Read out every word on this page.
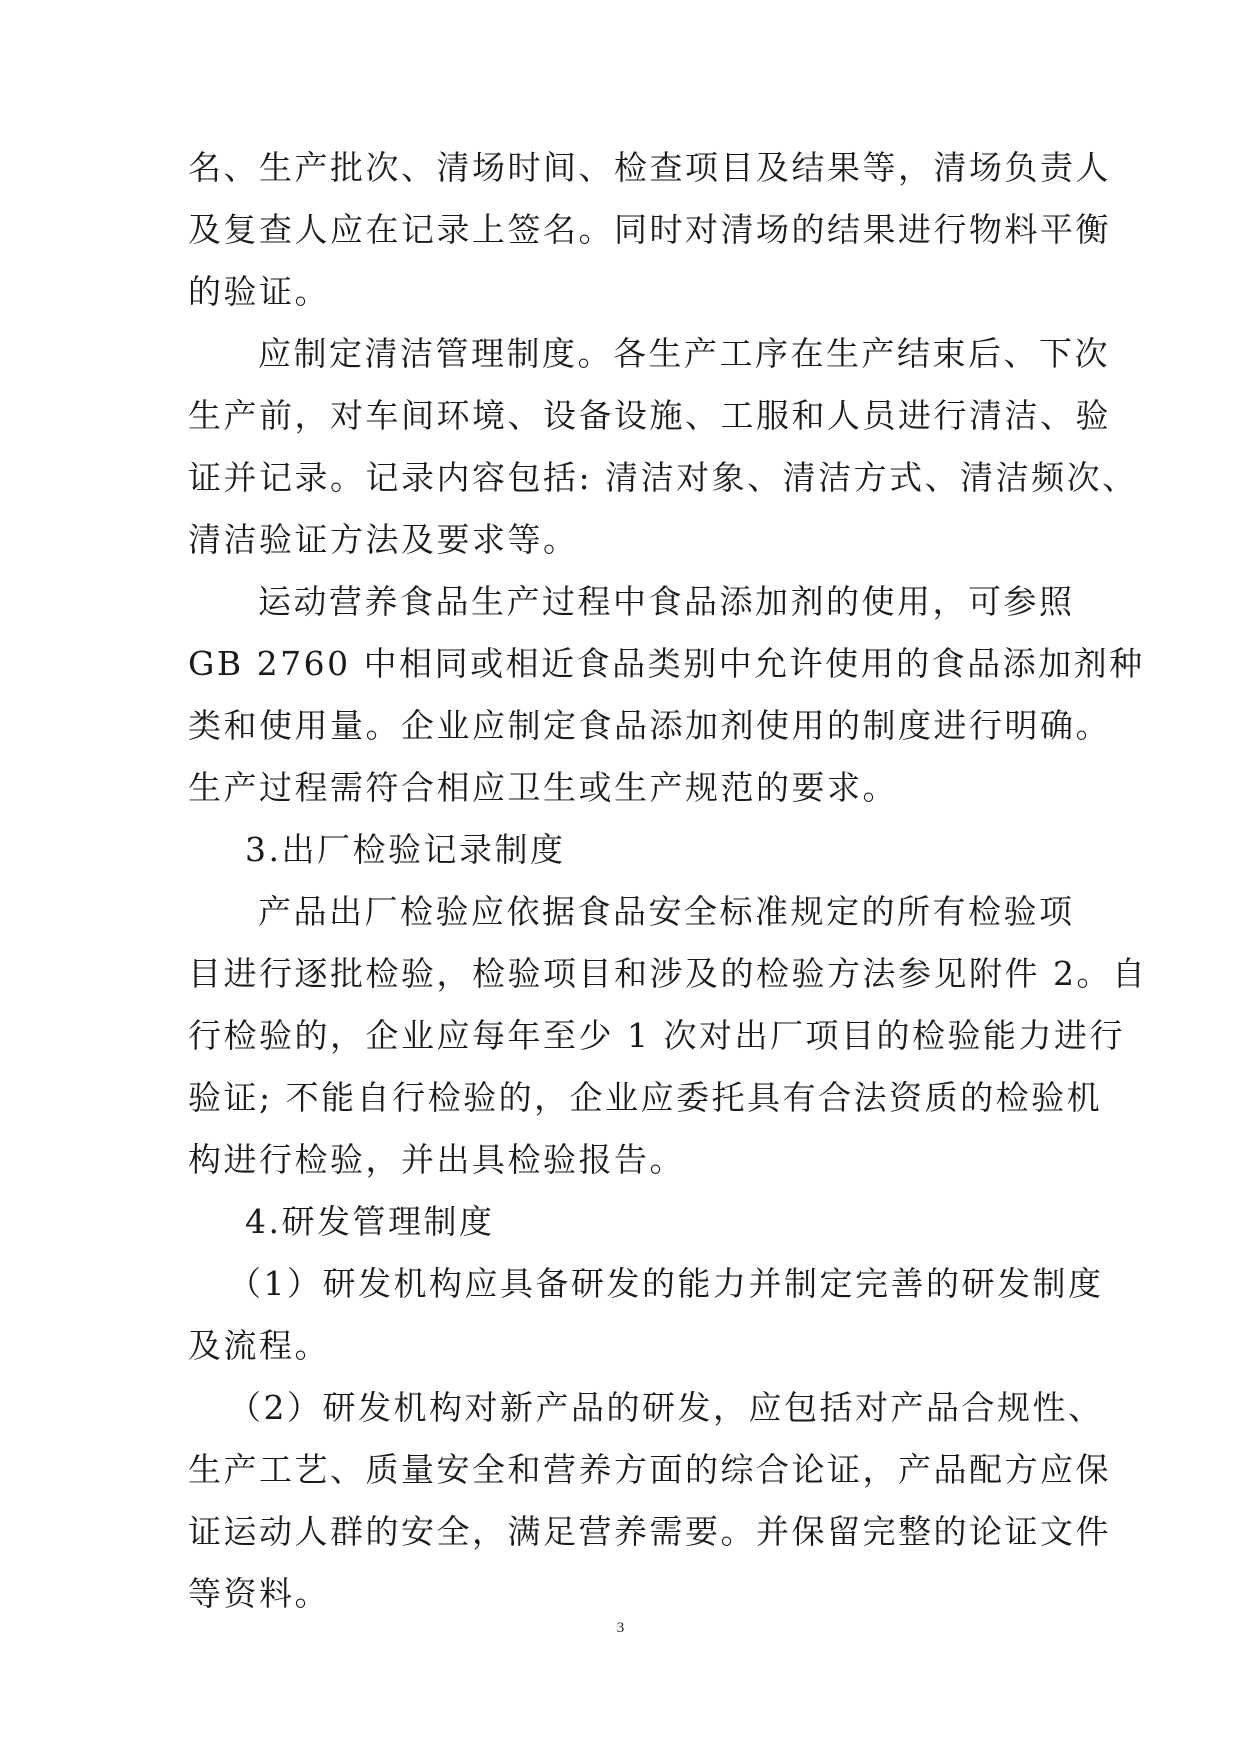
名、生产批次、清场时间、检查项目及结果等，清场负责人
及复查人应在记录上签名。同时对清场的结果进行物料平衡
的验证。
应制定清洁管理制度。各生产工序在生产结束后、下次
生产前，对车间环境、设备设施、工服和人员进行清洁、验
证并记录。记录内容包括: 清洁对象、清洁方式、清洁频次、
清洁验证方法及要求等。
运动营养食品生产过程中食品添加剂的使用，可参照
GB 2760 中相同或相近食品类别中允许使用的食品添加剂种
类和使用量。企业应制定食品添加剂使用的制度进行明确。
生产过程需符合相应卫生或生产规范的要求。
3.出厂检验记录制度
产品出厂检验应依据食品安全标准规定的所有检验项
目进行逐批检验，检验项目和涉及的检验方法参见附件 2。自
行检验的，企业应每年至少 1 次对出厂项目的检验能力进行
验证; 不能自行检验的，企业应委托具有合法资质的检验机
构进行检验，并出具检验报告。
4.研发管理制度
（1）研发机构应具备研发的能力并制定完善的研发制度
及流程。
（2）研发机构对新产品的研发，应包括对产品合规性、
生产工艺、质量安全和营养方面的综合论证，产品配方应保
证运动人群的安全，满足营养需要。并保留完整的论证文件
等资料。
3
